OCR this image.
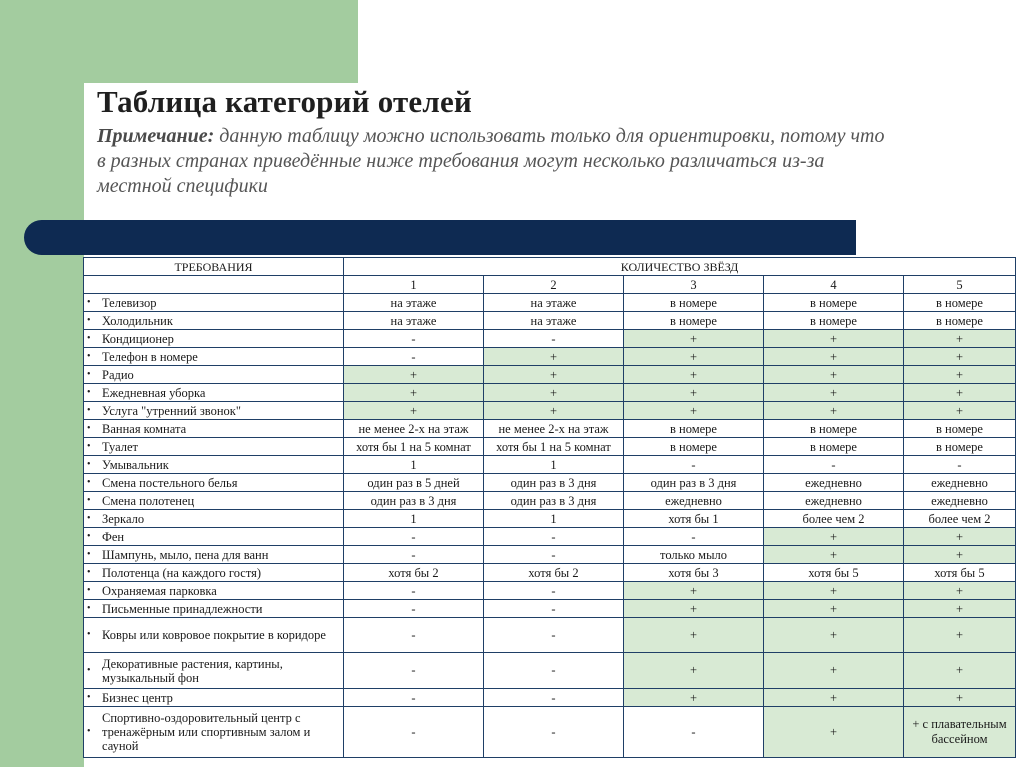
Таблица категорий отелей

Примечание: данную таблицу можно использовать только для ориентировки, потому что в разных странах приведённые ниже требования могут несколько различаться из-за местной специфики

ТРЕБОВАНИЯ	КОЛИЧЕСТВО ЗВЁЗД				
	1	2	3	4	5

• Телевизор	на этаже	на этаже	в номере	в номере	в номере

• Холодильник	на этаже	на этаже	в номере	в номере	в номере

• Кондиционер	-	-	+	+	+

• Телефон в номере	-	+	+	+	+

• Радио	+	+	+	+	+

• Ежедневная уборка	+	+	+	+	+

• Услуга "утренний звонок"	+	+	+	+	+

• Ванная комната	не менее 2-х на этаж	не менее 2-х на этаж	в номере	в номере	в номере

• Туалет	хотя бы 1 на 5 комнат	хотя бы 1 на 5 комнат	в номере	в номере	в номере

• Умывальник	1	1	-	-	-

• Смена постельного белья	один раз в 5 дней	один раз в 3 дня	один раз в 3 дня	ежедневно	ежедневно

• Смена полотенец	один раз в 3 дня	один раз в 3 дня	ежедневно	ежедневно	ежедневно

• Зеркало	1	1	хотя бы 1	более чем 2	более чем 2

• Фен	-	-	-	+	+

• Шампунь, мыло, пена для ванн	-	-	только мыло	+	+

• Полотенца (на каждого гостя)	хотя бы 2	хотя бы 2	хотя бы 3	хотя бы 5	хотя бы 5

• Охраняемая парковка	-	-	+	+	+

• Письменные принадлежности	-	-	+	+	+

• Ковры или ковровое покрытие в коридоре	-	-	+	+	+

• Декоративные растения, картины, музыкальный фон	-	-	+	+	+

• Бизнес центр	-	-	+	+	+

•
Спортивно-оздоровительный центр с тренажёрным или спортивным залом и сауной	-	-	-	+	+ с плавательным бассейном
